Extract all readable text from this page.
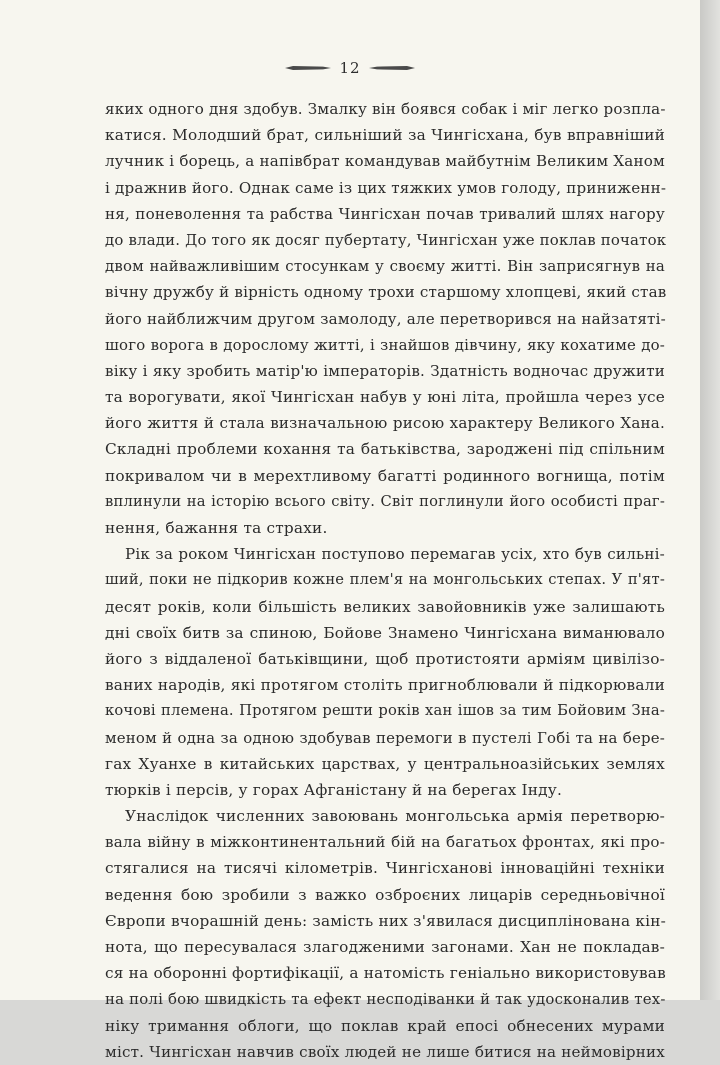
12
яких одного дня здобув. Змалку він боявся собак і міг легко розпла-
катися. Молодший брат, сильніший за Чингісхана, був вправніший
лучник і борець, а напівбрат командував майбутнім Великим Ханом
і дражнив його. Однак саме із цих тяжких умов голоду, приниженн-
ня, поневолення та рабства Чингісхан почав тривалий шлях нагору
до влади. До того як досяг пубертату, Чингісхан уже поклав початок
двом найважливішим стосункам у своєму житті. Він заприсягнув на
вічну дружбу й вірність одному трохи старшому хлопцеві, який став
його найближчим другом замолоду, але перетворився на найзатяті-
шого ворога в дорослому житті, і знайшов дівчину, яку кохатиме до-
віку і яку зробить матір'ю імператорів. Здатність водночас дружити
та ворогувати, якої Чингісхан набув у юні літа, пройшла через усе
його життя й стала визначальною рисою характеру Великого Хана.
Складні проблеми кохання та батьківства, зароджені під спільним
покривалом чи в мерехтливому багатті родинного вогнища, потім
вплинули на історію всього світу. Світ поглинули його особисті праг-
нення, бажання та страхи.
Рік за роком Чингісхан поступово перемагав усіх, хто був сильні-
ший, поки не підкорив кожне плем'я на монгольських степах. У п'ят-
десят років, коли більшість великих завойовників уже залишають
дні своїх битв за спиною, Бойове Знамено Чингісхана виманювало
його з віддаленої батьківщини, щоб протистояти арміям цивілізо-
ваних народів, які протягом століть пригноблювали й підкорювали
кочові племена. Протягом решти років хан ішов за тим Бойовим Зна-
меном й одна за одною здобував перемоги в пустелі Гобі та на бере-
гах Хуанхе в китайських царствах, у центральноазійських землях
тюрків і персів, у горах Афганістану й на берегах Інду.
Унаслідок численних завоювань монгольська армія перетворю-
вала війну в міжконтинентальний бій на багатьох фронтах, які про-
стягалися на тисячі кілометрів. Чингісханові інноваційні техніки
ведення бою зробили з важко озброєних лицарів середньовічної
Європи вчорашній день: замість них з'явилася дисциплінована кін-
нота, що пересувалася злагодженими загонами. Хан не покладав-
ся на оборонні фортифікації, а натомість геніально використовував
на полі бою швидкість та ефект несподіванки й так удосконалив тех-
ніку тримання облоги, що поклав край епосі обнесених мурами
міст. Чингісхан навчив своїх людей не лише битися на неймовірних
